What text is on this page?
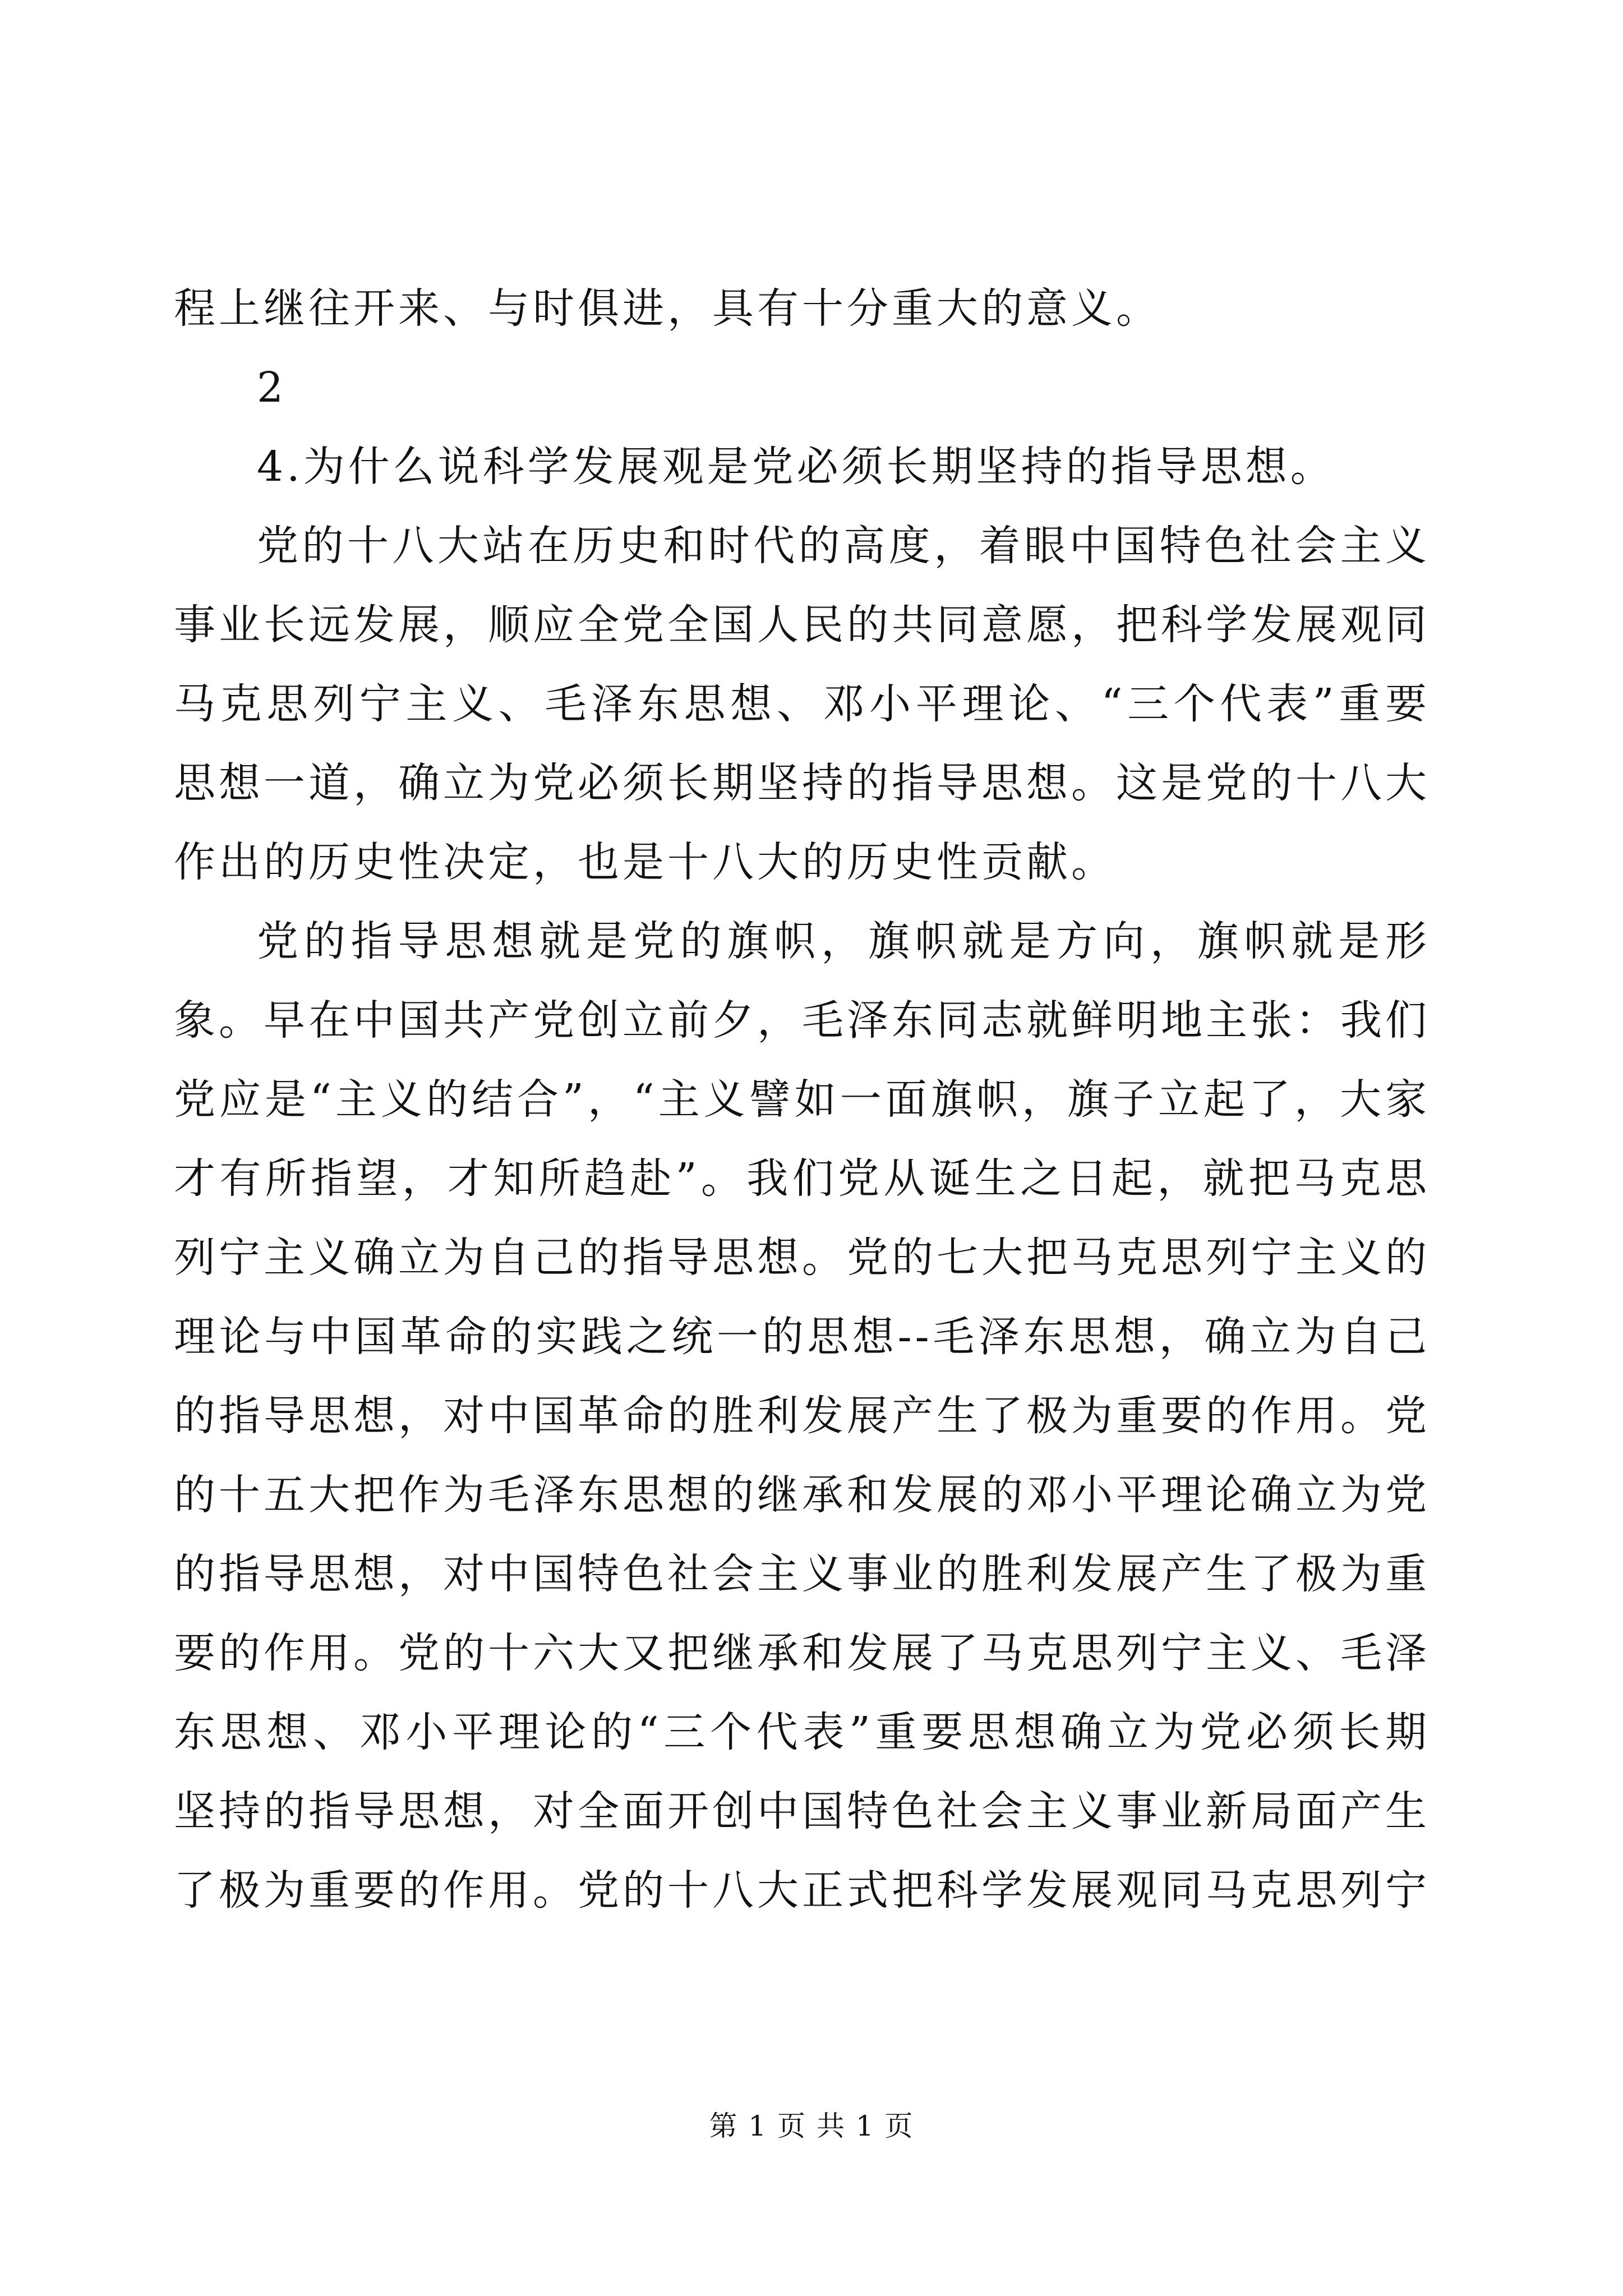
程上继往开来、与时俱进，具有十分重大的意义。

2

4.为什么说科学发展观是党必须长期坚持的指导思想。

党的十八大站在历史和时代的高度，着眼中国特色社会主义事业长远发展，顺应全党全国人民的共同意愿，把科学发展观同马克思列宁主义、毛泽东思想、邓小平理论、“三个代表”重要思想一道，确立为党必须长期坚持的指导思想。这是党的十八大作出的历史性决定，也是十八大的历史性贡献。

党的指导思想就是党的旗帜，旗帜就是方向，旗帜就是形象。早在中国共产党创立前夕，毛泽东同志就鲜明地主张：我们党应是“主义的结合”，“主义譬如一面旗帜，旗子立起了，大家才有所指望，才知所趋赴”。我们党从诞生之日起，就把马克思列宁主义确立为自己的指导思想。党的七大把马克思列宁主义的理论与中国革命的实践之统一的思想--毛泽东思想，确立为自己的指导思想，对中国革命的胜利发展产生了极为重要的作用。党的十五大把作为毛泽东思想的继承和发展的邓小平理论确立为党的指导思想，对中国特色社会主义事业的胜利发展产生了极为重要的作用。党的十六大又把继承和发展了马克思列宁主义、毛泽东思想、邓小平理论的“三个代表”重要思想确立为党必须长期坚持的指导思想，对全面开创中国特色社会主义事业新局面产生了极为重要的作用。党的十八大正式把科学发展观同马克思列宁

第 1 页 共 1 页
